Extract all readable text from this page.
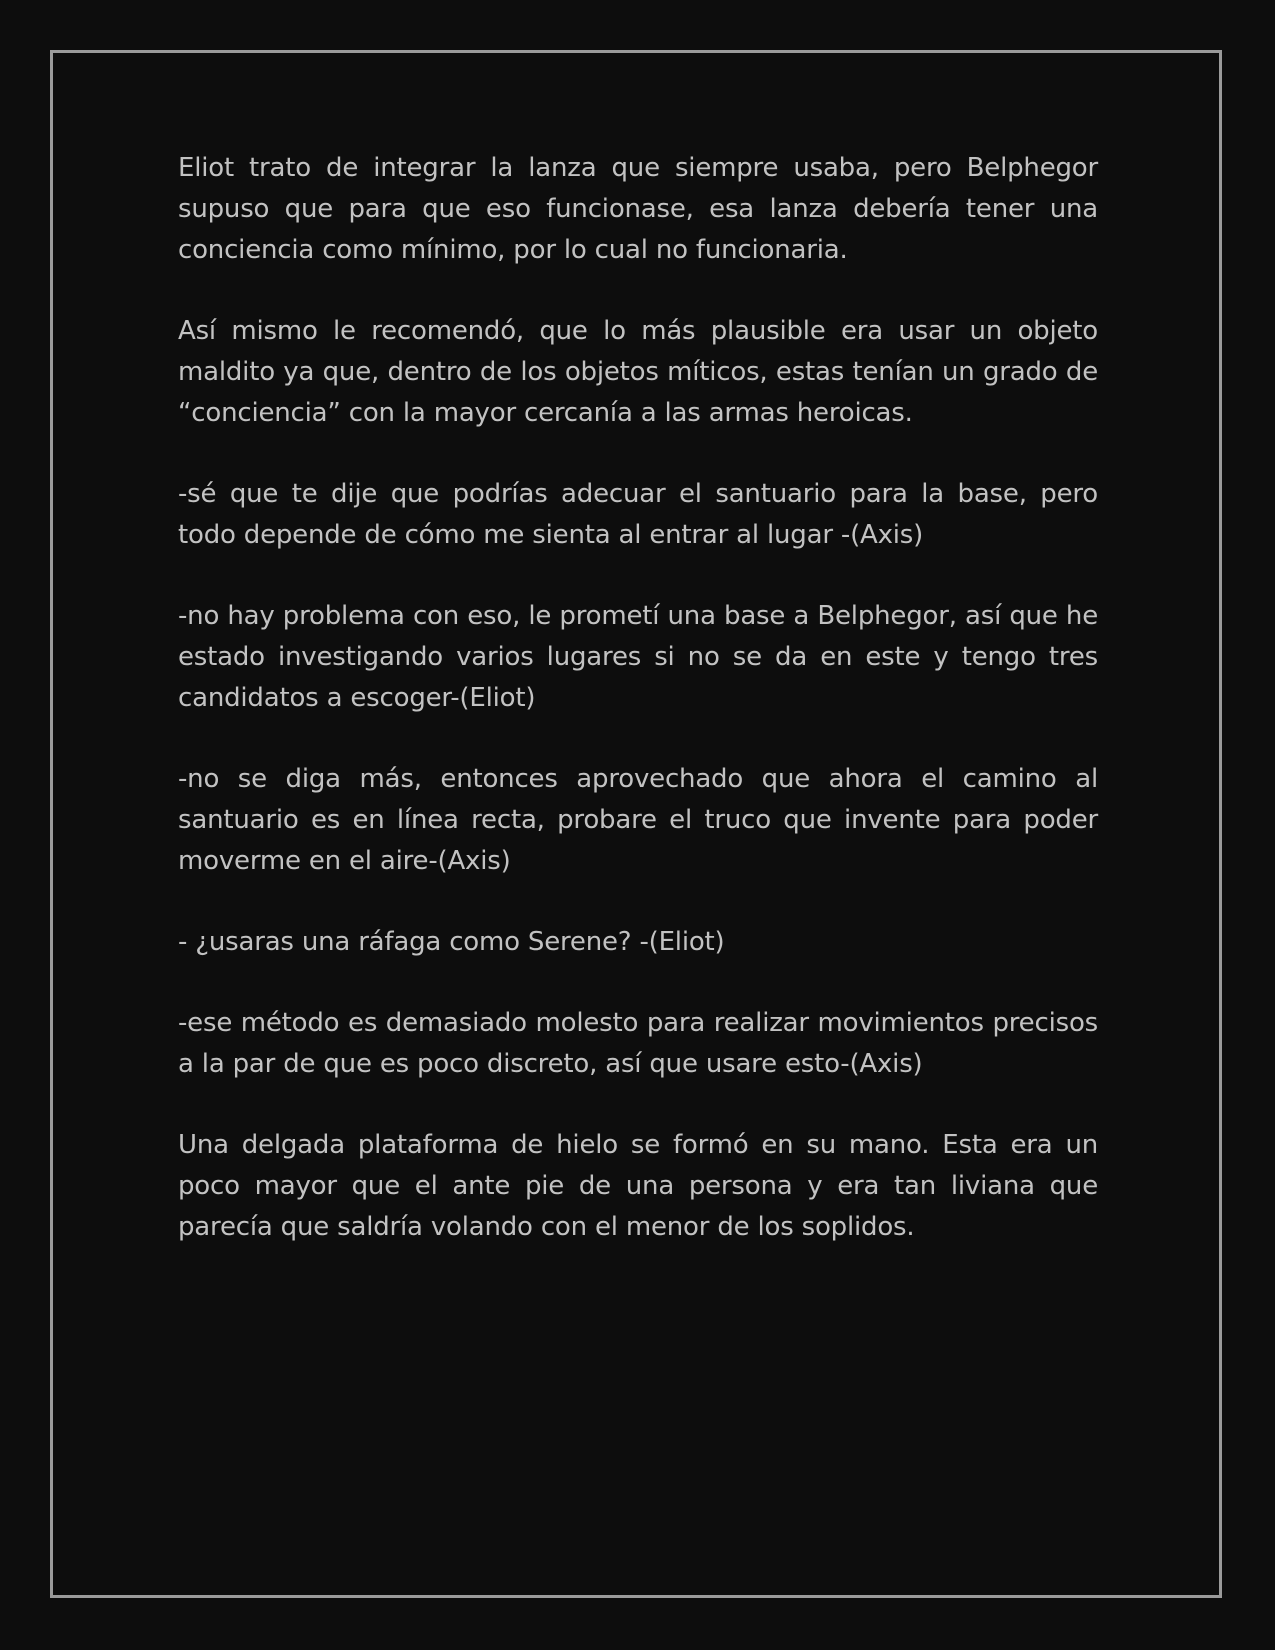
Eliot trato de integrar la lanza que siempre usaba, pero Belphegor supuso que para que eso funcionase, esa lanza debería tener una conciencia como mínimo, por lo cual no funcionaria.

Así mismo le recomendó, que lo más plausible era usar un objeto maldito ya que, dentro de los objetos míticos, estas tenían un grado de “conciencia” con la mayor cercanía a las armas heroicas.

-sé que te dije que podrías adecuar el santuario para la base, pero todo depende de cómo me sienta al entrar al lugar -(Axis)

-no hay problema con eso, le prometí una base a Belphegor, así que he estado investigando varios lugares si no se da en este y tengo tres candidatos a escoger-(Eliot)

-no se diga más, entonces aprovechado que ahora el camino al santuario es en línea recta, probare el truco que invente para poder moverme en el aire-(Axis)

- ¿usaras una ráfaga como Serene? -(Eliot)

-ese método es demasiado molesto para realizar movimientos precisos a la par de que es poco discreto, así que usare esto-(Axis)

Una delgada plataforma de hielo se formó en su mano. Esta era un poco mayor que el ante pie de una persona y era tan liviana que parecía que saldría volando con el menor de los soplidos.
